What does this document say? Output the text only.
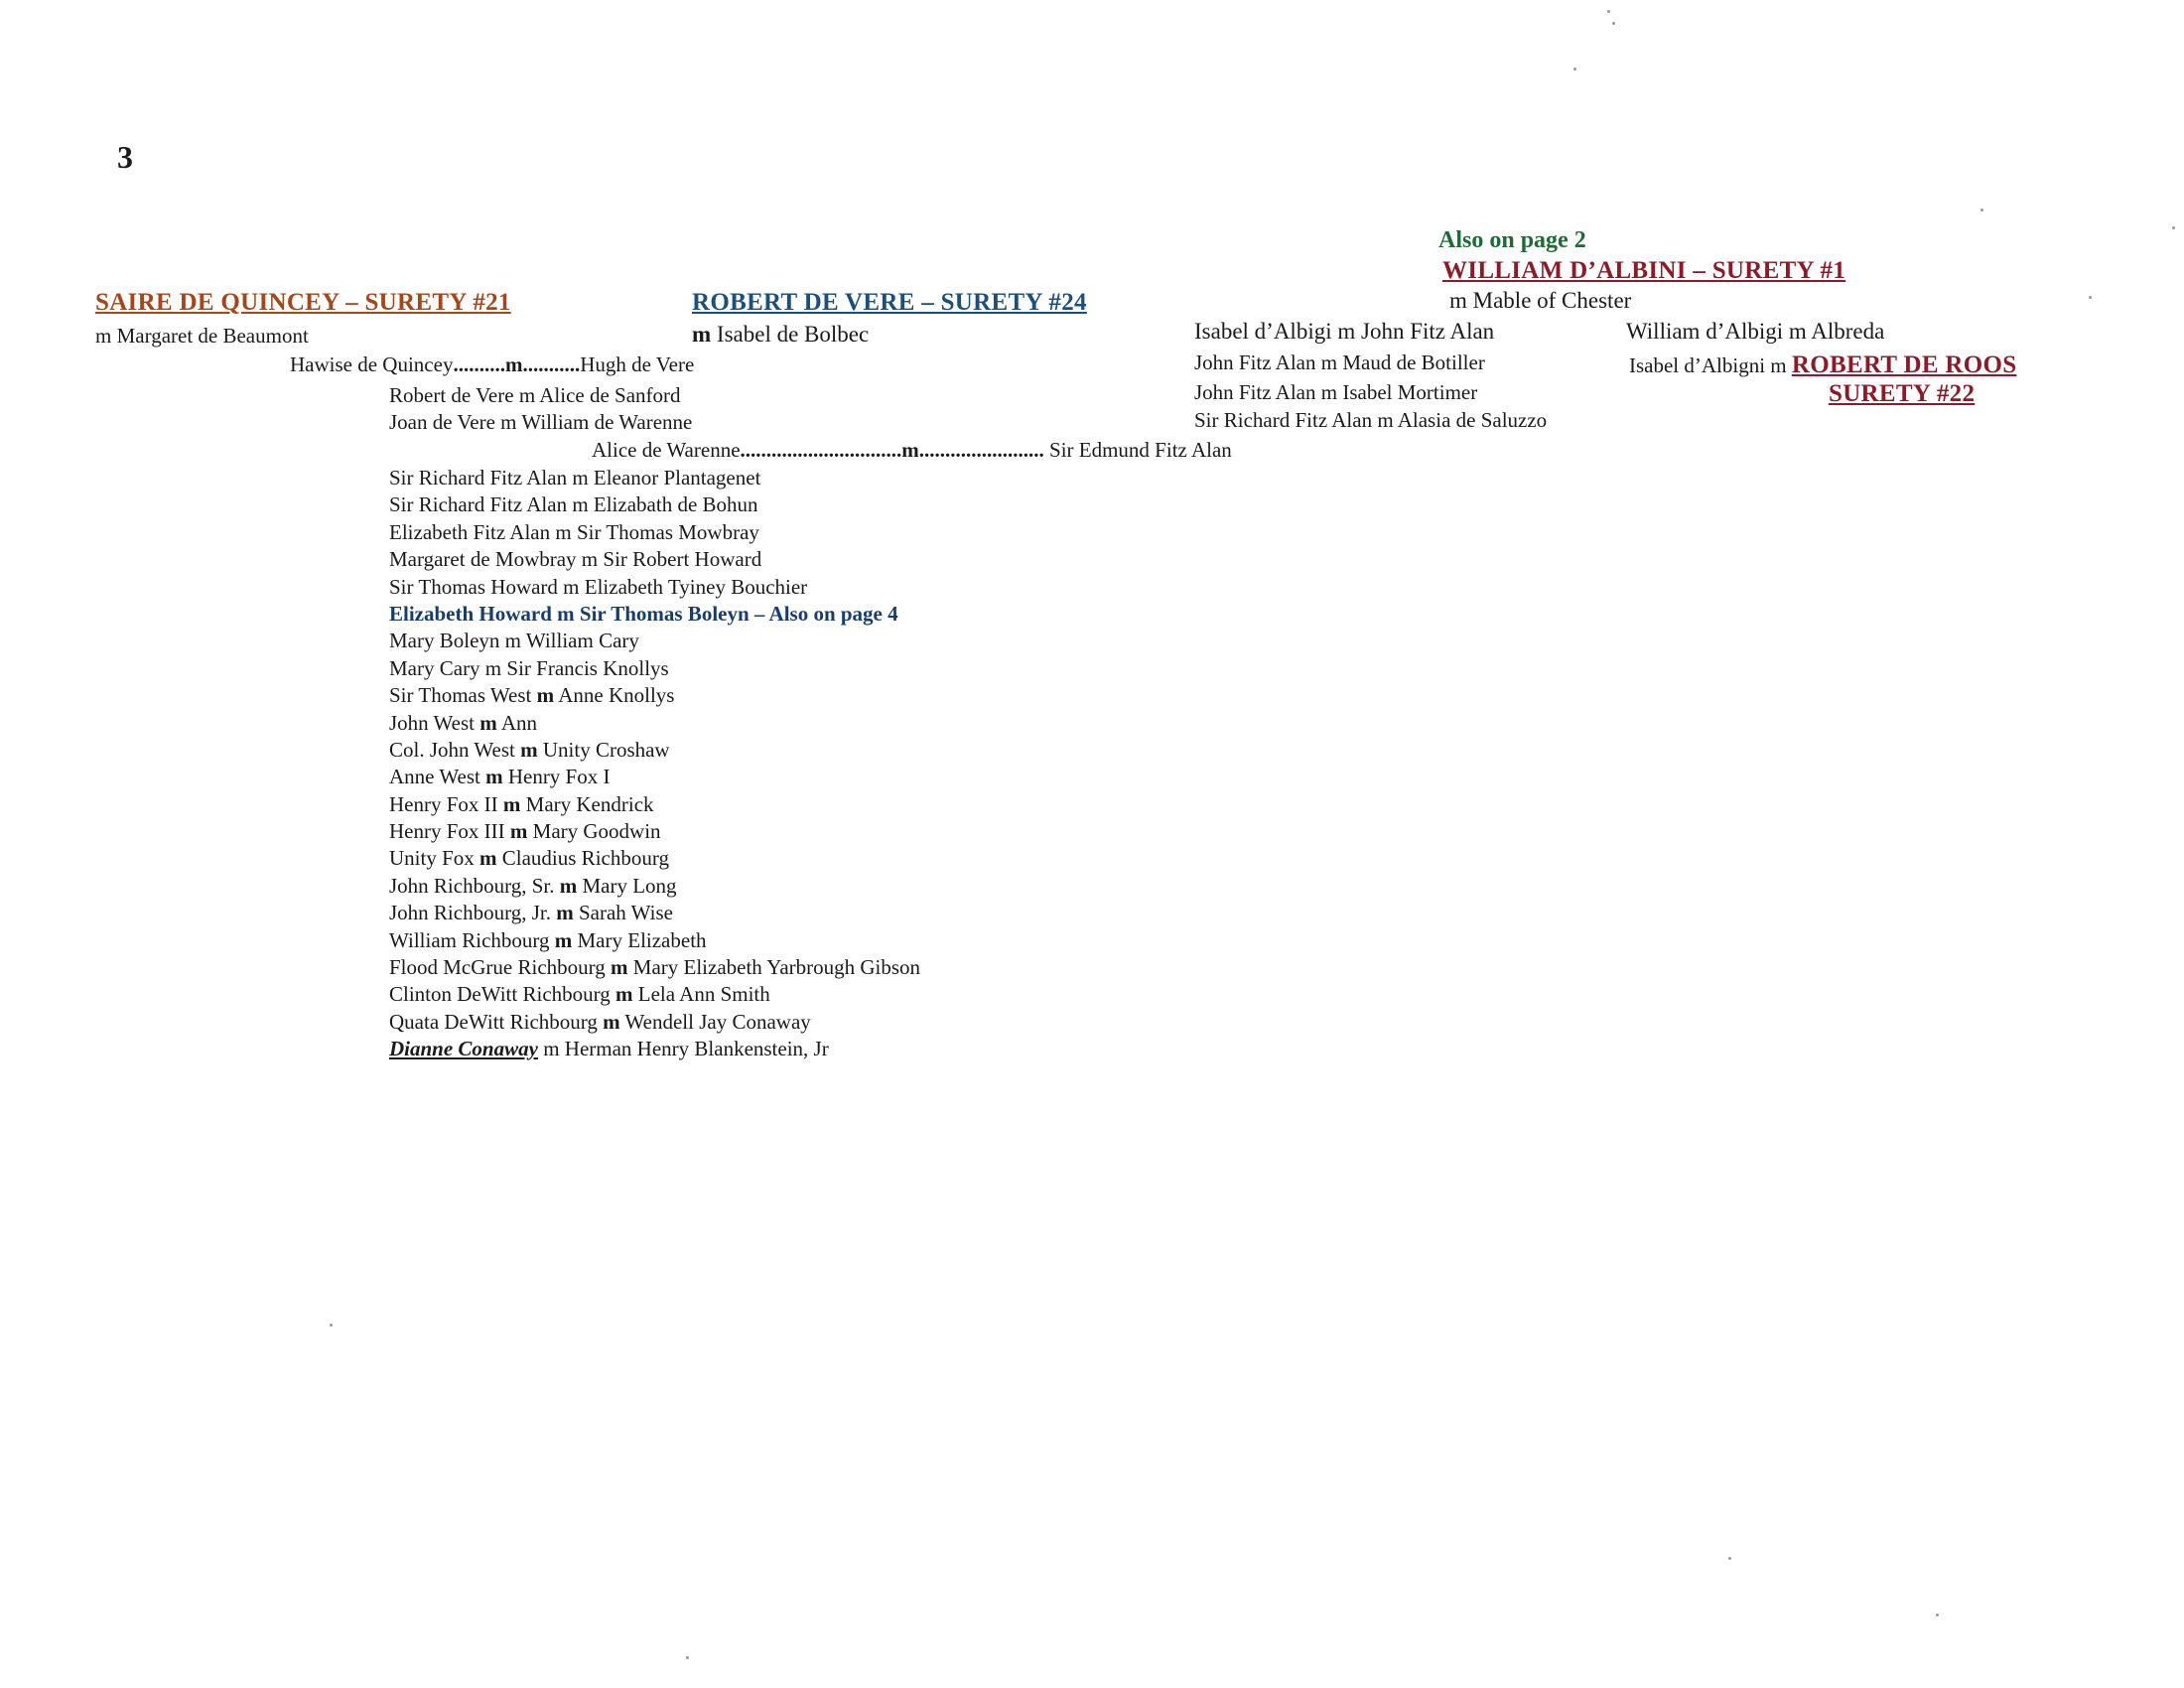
3
SAIRE DE QUINCEY – SURETY #21
m Margaret de Beaumont
Hawise de Quincey..........m...........Hugh de Vere
ROBERT DE VERE – SURETY #24
m Isabel de Bolbec
Robert de Vere m Alice de Sanford
Joan de Vere m William de Warenne
Alice de Warenne...............................m........................ Sir Edmund Fitz Alan
Also on page 2
WILLIAM D’ALBINI – SURETY #1
m Mable of Chester
Isabel d’Albigi m John Fitz Alan
John Fitz Alan m Maud de Botiller
John Fitz Alan m Isabel Mortimer
Sir Richard Fitz Alan m Alasia de Saluzzo
William d’Albigi m Albreda
Isabel d’Albigni m ROBERT DE ROOS
SURETY #22
Sir Richard Fitz Alan m Eleanor Plantagenet
Sir Richard Fitz Alan m Elizabath de Bohun
Elizabeth Fitz Alan m Sir Thomas Mowbray
Margaret de Mowbray m Sir Robert Howard
Sir Thomas Howard m Elizabeth Tyiney Bouchier
Elizabeth Howard m Sir Thomas Boleyn – Also on page 4
Mary Boleyn m William Cary
Mary Cary m Sir Francis Knollys
Sir Thomas West m Anne Knollys
John West m Ann
Col. John West m Unity Croshaw
Anne West m Henry Fox I
Henry Fox II m Mary Kendrick
Henry Fox III m Mary Goodwin
Unity Fox m Claudius Richbourg
John Richbourg, Sr. m Mary Long
John Richbourg, Jr. m Sarah Wise
William Richbourg m Mary Elizabeth
Flood McGrue Richbourg m Mary Elizabeth Yarbrough Gibson
Clinton DeWitt Richbourg m Lela Ann Smith
Quata DeWitt Richbourg m Wendell Jay Conaway
Dianne Conaway m Herman Henry Blankenstein, Jr
